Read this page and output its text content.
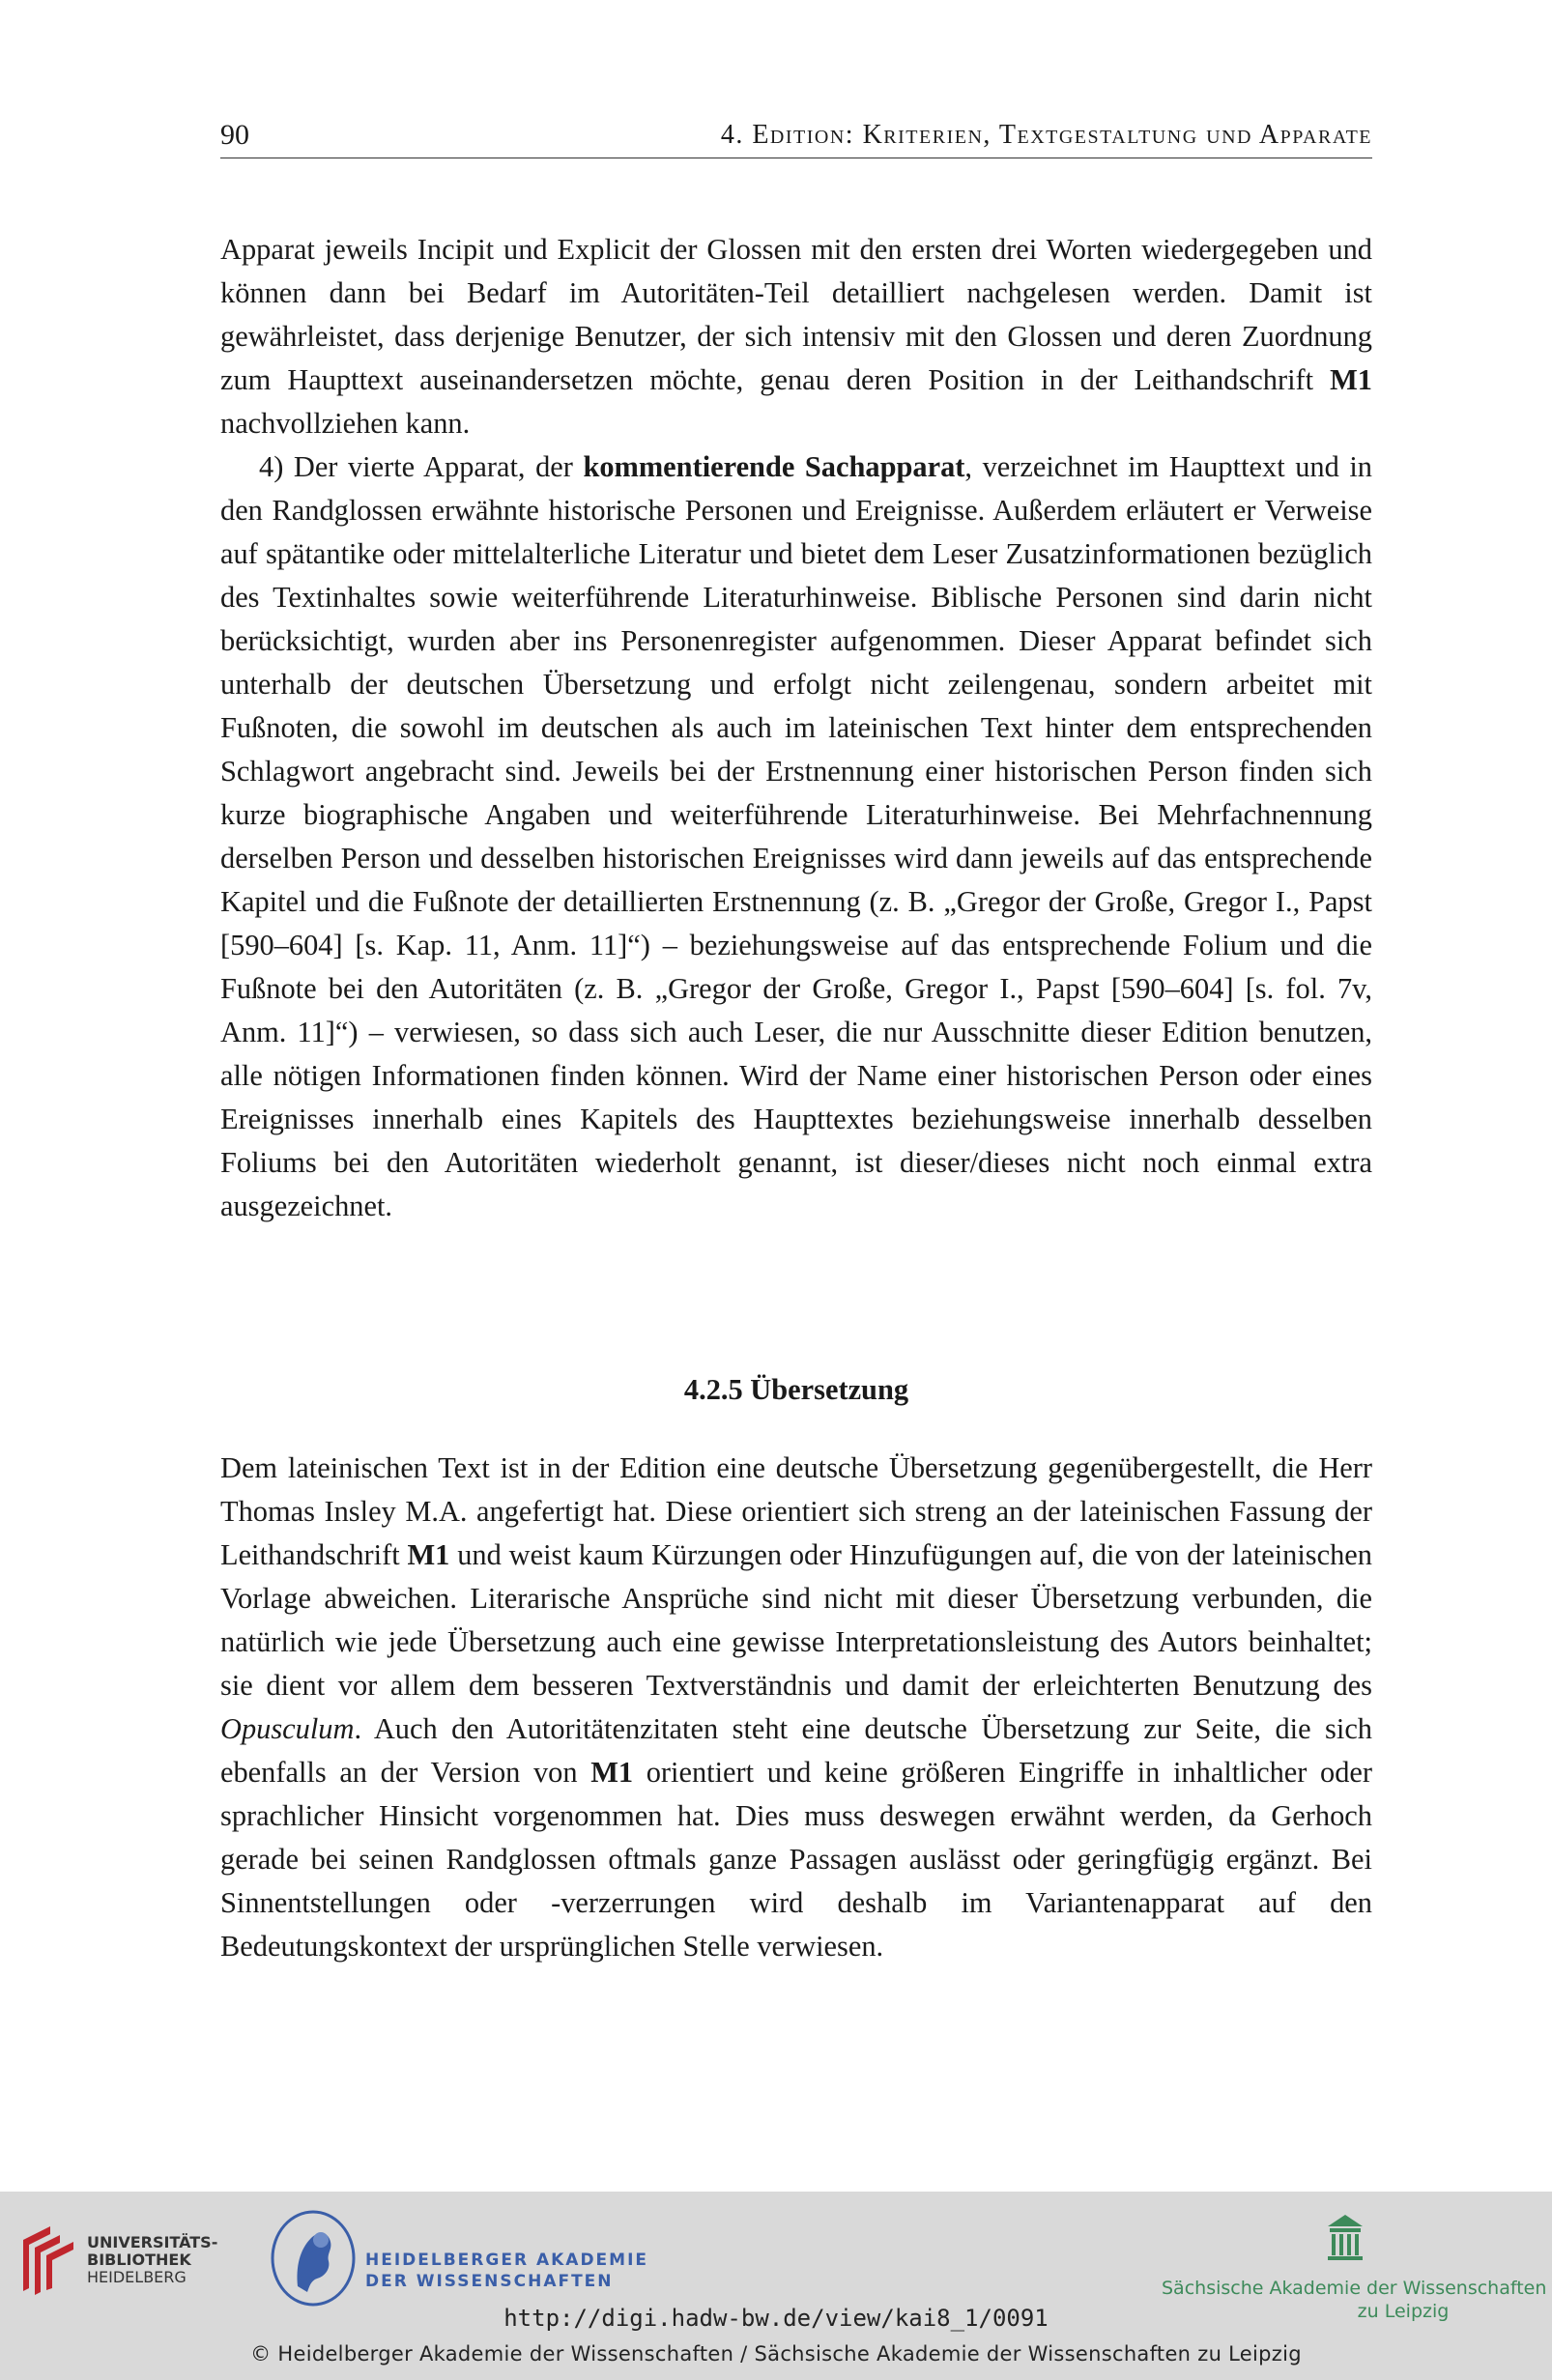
90	4. Edition: Kriterien, Textgestaltung und Apparate

Apparat jeweils Incipit und Explicit der Glossen mit den ersten drei Worten wiedergegeben und können dann bei Bedarf im Autoritäten-Teil detailliert nachgelesen werden. Damit ist gewährleistet, dass derjenige Benutzer, der sich intensiv mit den Glossen und deren Zuordnung zum Haupttext auseinandersetzen möchte, genau deren Position in der Leithandschrift M1 nachvollziehen kann.

4) Der vierte Apparat, der kommentierende Sachapparat, verzeichnet im Haupttext und in den Randglossen erwähnte historische Personen und Ereignisse. Außerdem erläutert er Verweise auf spätantike oder mittelalterliche Literatur und bietet dem Leser Zusatzinformationen bezüglich des Textinhaltes sowie weiterführende Literaturhinweise. Biblische Personen sind darin nicht berücksichtigt, wurden aber ins Personenregister aufgenommen. Dieser Apparat befindet sich unterhalb der deutschen Übersetzung und erfolgt nicht zeilengenau, sondern arbeitet mit Fußnoten, die sowohl im deutschen als auch im lateinischen Text hinter dem entsprechenden Schlagwort angebracht sind. Jeweils bei der Erstnennung einer historischen Person finden sich kurze biographische Angaben und weiterführende Literaturhinweise. Bei Mehrfachnennung derselben Person und desselben historischen Ereignisses wird dann jeweils auf das entsprechende Kapitel und die Fußnote der detaillierten Erstnennung (z. B. „Gregor der Große, Gregor I., Papst [590–604] [s. Kap. 11, Anm. 11]“) – beziehungsweise auf das entsprechende Folium und die Fußnote bei den Autoritäten (z. B. „Gregor der Große, Gregor I., Papst [590–604] [s. fol. 7v, Anm. 11]“) – verwiesen, so dass sich auch Leser, die nur Ausschnitte dieser Edition benutzen, alle nötigen Informationen finden können. Wird der Name einer historischen Person oder eines Ereignisses innerhalb eines Kapitels des Haupttextes beziehungsweise innerhalb desselben Foliums bei den Autoritäten wiederholt genannt, ist dieser/dieses nicht noch einmal extra ausgezeichnet.

4.2.5 Übersetzung

Dem lateinischen Text ist in der Edition eine deutsche Übersetzung gegenübergestellt, die Herr Thomas Insley M.A. angefertigt hat. Diese orientiert sich streng an der lateinischen Fassung der Leithandschrift M1 und weist kaum Kürzungen oder Hinzufügungen auf, die von der lateinischen Vorlage abweichen. Literarische Ansprüche sind nicht mit dieser Übersetzung verbunden, die natürlich wie jede Übersetzung auch eine gewisse Interpretationsleistung des Autors beinhaltet; sie dient vor allem dem besseren Textverständnis und damit der erleichterten Benutzung des Opusculum. Auch den Autoritätenzitaten steht eine deutsche Übersetzung zur Seite, die sich ebenfalls an der Version von M1 orientiert und keine größeren Eingriffe in inhaltlicher oder sprachlicher Hinsicht vorgenommen hat. Dies muss deswegen erwähnt werden, da Gerhoch gerade bei seinen Randglossen oftmals ganze Passagen auslässt oder geringfügig ergänzt. Bei Sinnentstellungen oder -verzerrungen wird deshalb im Variantenapparat auf den Bedeutungskontext der ursprünglichen Stelle verwiesen.

UNIVERSITÄTS-
BIBLIOTHEK
HEIDELBERG
HEIDELBERGER AKADEMIE
DER WISSENSCHAFTEN	Sächsische Akademie der Wissenschaften
zu Leipzig
http://digi.hadw-bw.de/view/kai8_1/0091
© Heidelberger Akademie der Wissenschaften / Sächsische Akademie der Wissenschaften zu Leipzig
